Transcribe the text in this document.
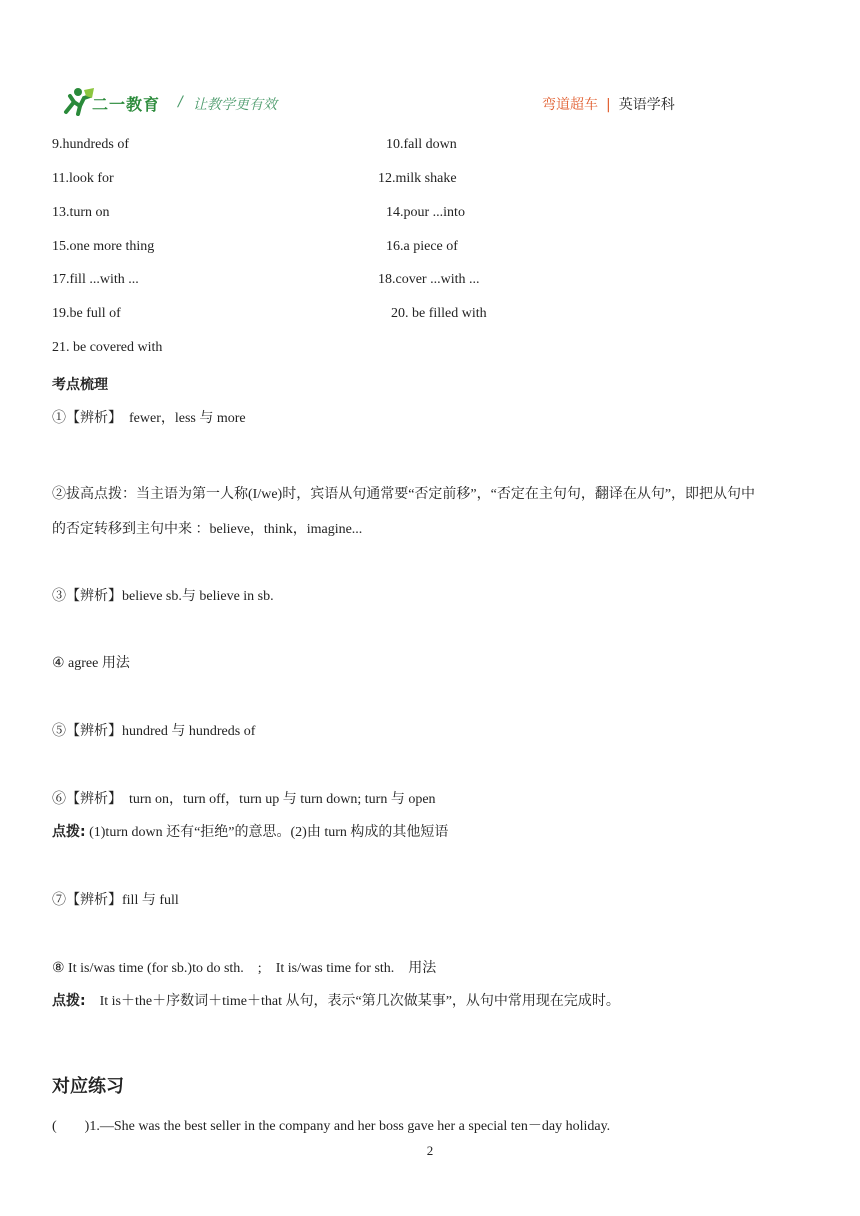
二一教育 / 让教学更有效	弯道超车 | 英语学科
9.hundreds of	10.fall down
11.look for	12.milk shake
13.turn on	14.pour ...into
15.one more thing	16.a piece of
17.fill ...with ...	18.cover ...with ...
19.be full of	20. be filled with
21. be covered with
考点梳理
①【辨析】　fewer，less 与 more
②拔高点拨：当主语为第一人称(I/we)时，宾语从句通常要“否定前移”，“否定在主句句，翻译在从句”，即把从句中
的否定转移到主句中来 ：believe，think，imagine...
③【辨析】believe sb.与 believe in sb.
④ agree 用法
⑤【辨析】hundred 与 hundreds of
⑥【辨析】　turn on，turn off，turn up 与 turn down; turn 与 open
点拨: (1)turn down 还有“拒绝”的意思。(2)由 turn 构成的其他短语
⑦【辨析】fill 与 full
⑧ It is/was time (for sb.)to do sth.　;　It is/was time for sth.　用法
点拨:　It is＋the＋序数词＋time＋that 从句，表示“第几次做某事”，从句中常用现在完成时。
对应练习
(　　)1.—She was the best seller in the company and her boss gave her a special ten－day holiday.
2
